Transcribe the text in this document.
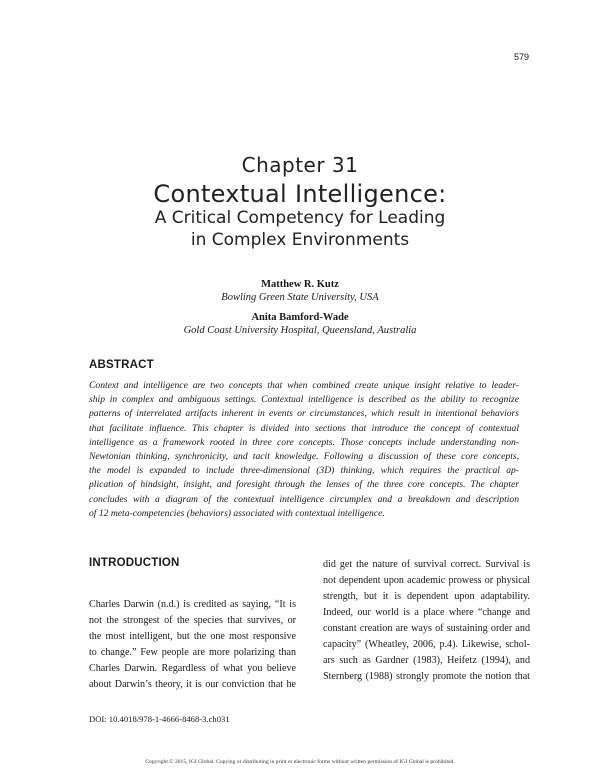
579
Chapter 31
Contextual Intelligence:
A Critical Competency for Leading
in Complex Environments
Matthew R. Kutz
Bowling Green State University, USA
Anita Bamford-Wade
Gold Coast University Hospital, Queensland, Australia
ABSTRACT
Context and intelligence are two concepts that when combined create unique insight relative to leader-
ship in complex and ambiguous settings. Contextual intelligence is described as the ability to recognize
patterns of interrelated artifacts inherent in events or circumstances, which result in intentional behaviors
that facilitate influence. This chapter is divided into sections that introduce the concept of contextual
intelligence as a framework rooted in three core concepts. Those concepts include understanding non-
Newtonian thinking, synchronicity, and tacit knowledge. Following a discussion of these core concepts,
the model is expanded to include three-dimensional (3D) thinking, which requires the practical ap-
plication of hindsight, insight, and foresight through the lenses of the three core concepts. The chapter
concludes with a diagram of the contextual intelligence circumplex and a breakdown and description
of 12 meta-competencies (behaviors) associated with contextual intelligence.
INTRODUCTION
Charles Darwin (n.d.) is credited as saying, “It is
not the strongest of the species that survives, or
the most intelligent, but the one most responsive
to change.” Few people are more polarizing than
Charles Darwin. Regardless of what you believe
about Darwin’s theory, it is our conviction that he
did get the nature of survival correct. Survival is
not dependent upon academic prowess or physical
strength, but it is dependent upon adaptability.
Indeed, our world is a place where “change and
constant creation are ways of sustaining order and
capacity” (Wheatley, 2006, p.4). Likewise, schol-
ars such as Gardner (1983), Heifetz (1994), and
Sternberg (1988) strongly promote the notion that
DOI: 10.4018/978-1-4666-8468-3.ch031
Copyright © 2015, IGI Global. Copying or distributing in print or electronic forms without written permission of IGI Global is prohibited.
